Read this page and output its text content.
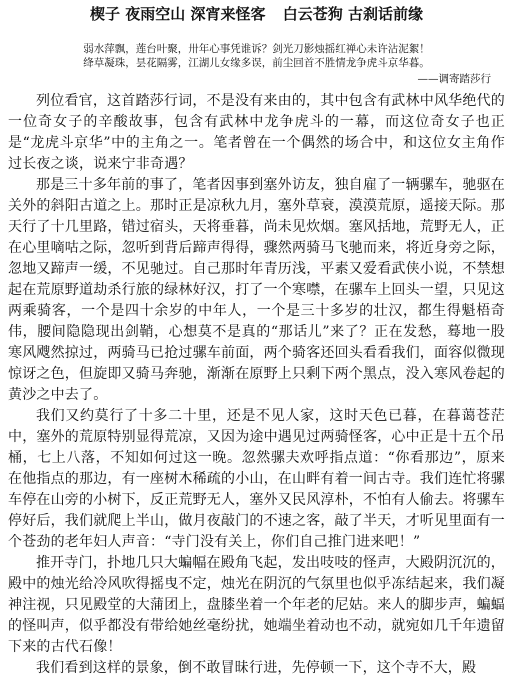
楔子 夜雨空山 深宵来怪客 白云苍狗 古刹话前缘
弱水萍飘，莲台叶聚，卅年心事凭谁诉？剑光刀影烛摇红禅心未许沾泥絮！
绛草凝珠，昙花隔雾，江湖儿女缘多误，前尘回首不胜情龙争虎斗京华暮。
——调寄踏莎行

列位看官，这首踏莎行词，不是没有来由的，其中包含有武林中风华绝代的一位奇女子的辛酸故事，包含有武林中龙争虎斗的一幕，而这位奇女子也正是“龙虎斗京华”中的主角之一。笔者曾在一个偶然的场合中，和这位女主角作过长夜之谈，说来宁非奇遇？

那是三十多年前的事了，笔者因事到塞外访友，独自雇了一辆骡车，驰驱在关外的斜阳古道之上。那时正是凉秋九月，塞外草衰，漠漠荒原，遥接天际。那天行了十几里路，错过宿头，天将垂暮，尚未见炊烟。塞风括地，荒野无人，正在心里嘀咕之际，忽听到背后蹄声得得，骤然两骑马飞驰而来，将近身旁之际，忽地又蹄声一缓，不见驰过。自己那时年青历浅，平素又爱看武侠小说，不禁想起在荒原野道劫杀行旅的绿林好汉，打了一个寒噤，在骡车上回头一望，只见这两乘骑客，一个是四十余岁的中年人，一个是三十多岁的壮汉，都生得魁梧奇伟，腰间隐隐现出剑鞘，心想莫不是真的“那话儿”来了？正在发愁，蓦地一股寒风飕然掠过，两骑马已抢过骡车前面，两个骑客还回头看看我们，面容似微现惊讶之色，但旋即又骑马奔驰，渐渐在原野上只剩下两个黑点，没入寒风卷起的黄沙之中去了。

我们又约莫行了十多二十里，还是不见人家，这时天色已暮，在暮蔼苍茫中，塞外的荒原特别显得荒凉，又因为途中遇见过两骑怪客，心中正是十五个吊桶，七上八落，不知如何过这一晚。忽然骡夫欢呼指点道：“你看那边”，原来在他指点的那边，有一座树木稀疏的小山，在山畔有着一间古寺。我们连忙将骡车停在山旁的小树下，反正荒野无人，塞外又民风淳朴，不怕有人偷去。将骡车停好后，我们就爬上半山，做月夜敲门的不速之客，敲了半天，才听见里面有一个苍劲的老年妇人声音：“寺门没有关上，你们自己推门进来吧！”

推开寺门，扑地几只大蝙幅在殿角飞起，发出吱吱的怪声，大殿阴沉沉的，殿中的烛光给冷风吹得摇曳不定，烛光在阴沉的气氛里也似乎冻结起来，我们凝神注视，只见殿堂的大蒲团上，盘膝坐着一个年老的尼姑。来人的脚步声，蝙蝠的怪叫声，似乎都没有带给她丝毫纷扰，她端坐着动也不动，就宛如几千年遗留下来的古代石像！

我们看到这样的景象，倒不敢冒昧行进，先停顿一下，这个寺不大，殿
